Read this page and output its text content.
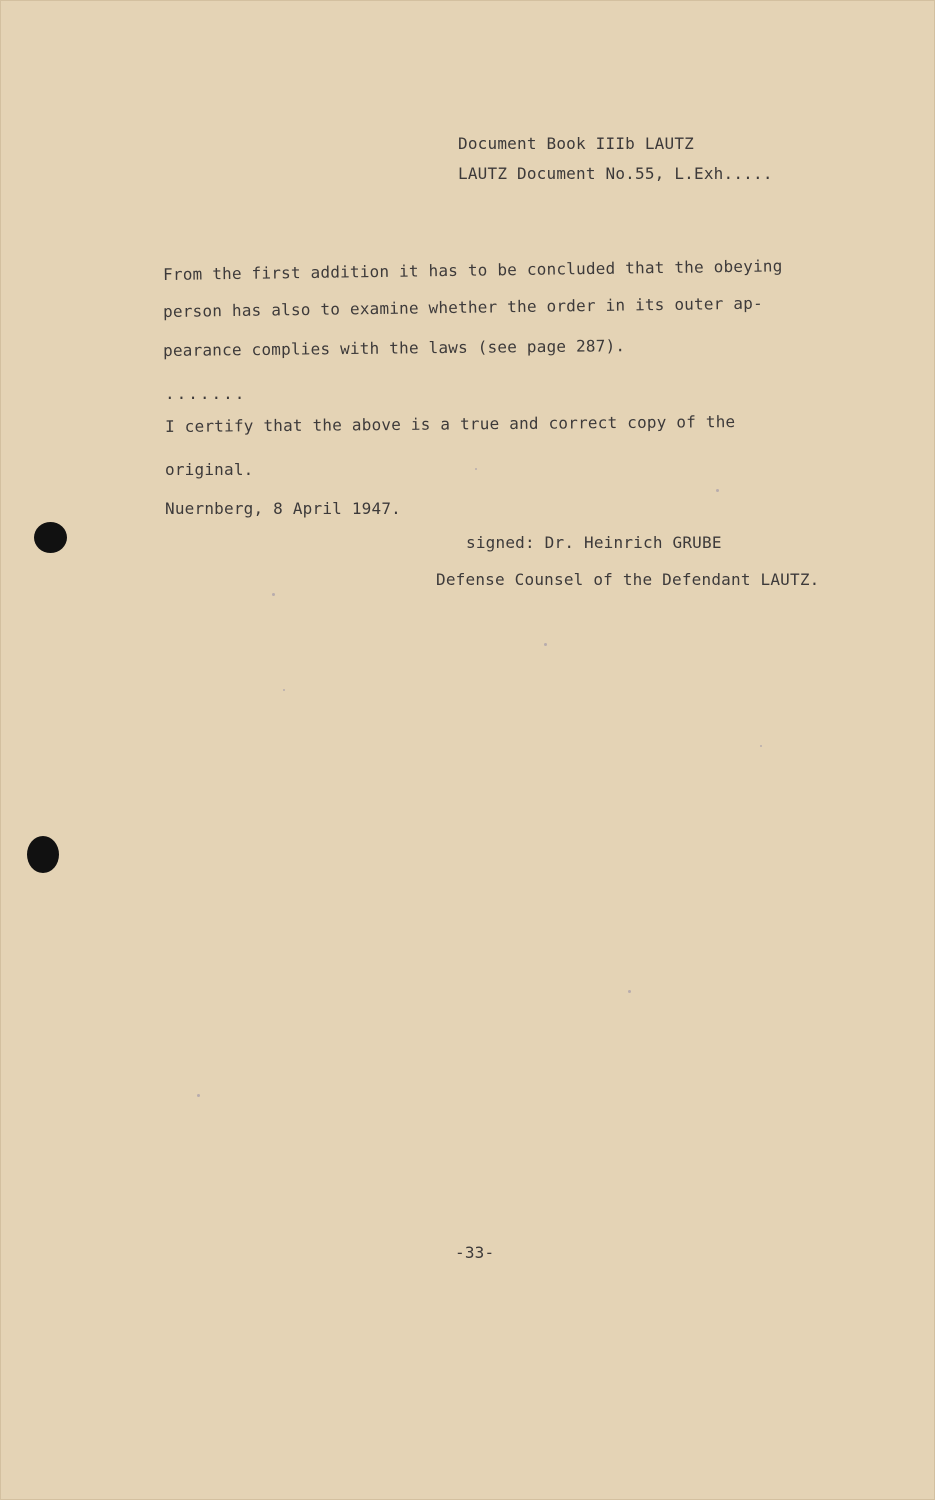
Document Book IIIb LAUTZ
LAUTZ Document No.55, L.Exh.....
From the first addition it has to be concluded that the obeying
person has also to examine whether the order in its outer ap-
pearance complies with the laws (see page 287).
.......
I certify that the above is a true and correct copy of the
original.
Nuernberg, 8 April 1947.
signed: Dr. Heinrich GRUBE
Defense Counsel of the Defendant LAUTZ.
-33-
